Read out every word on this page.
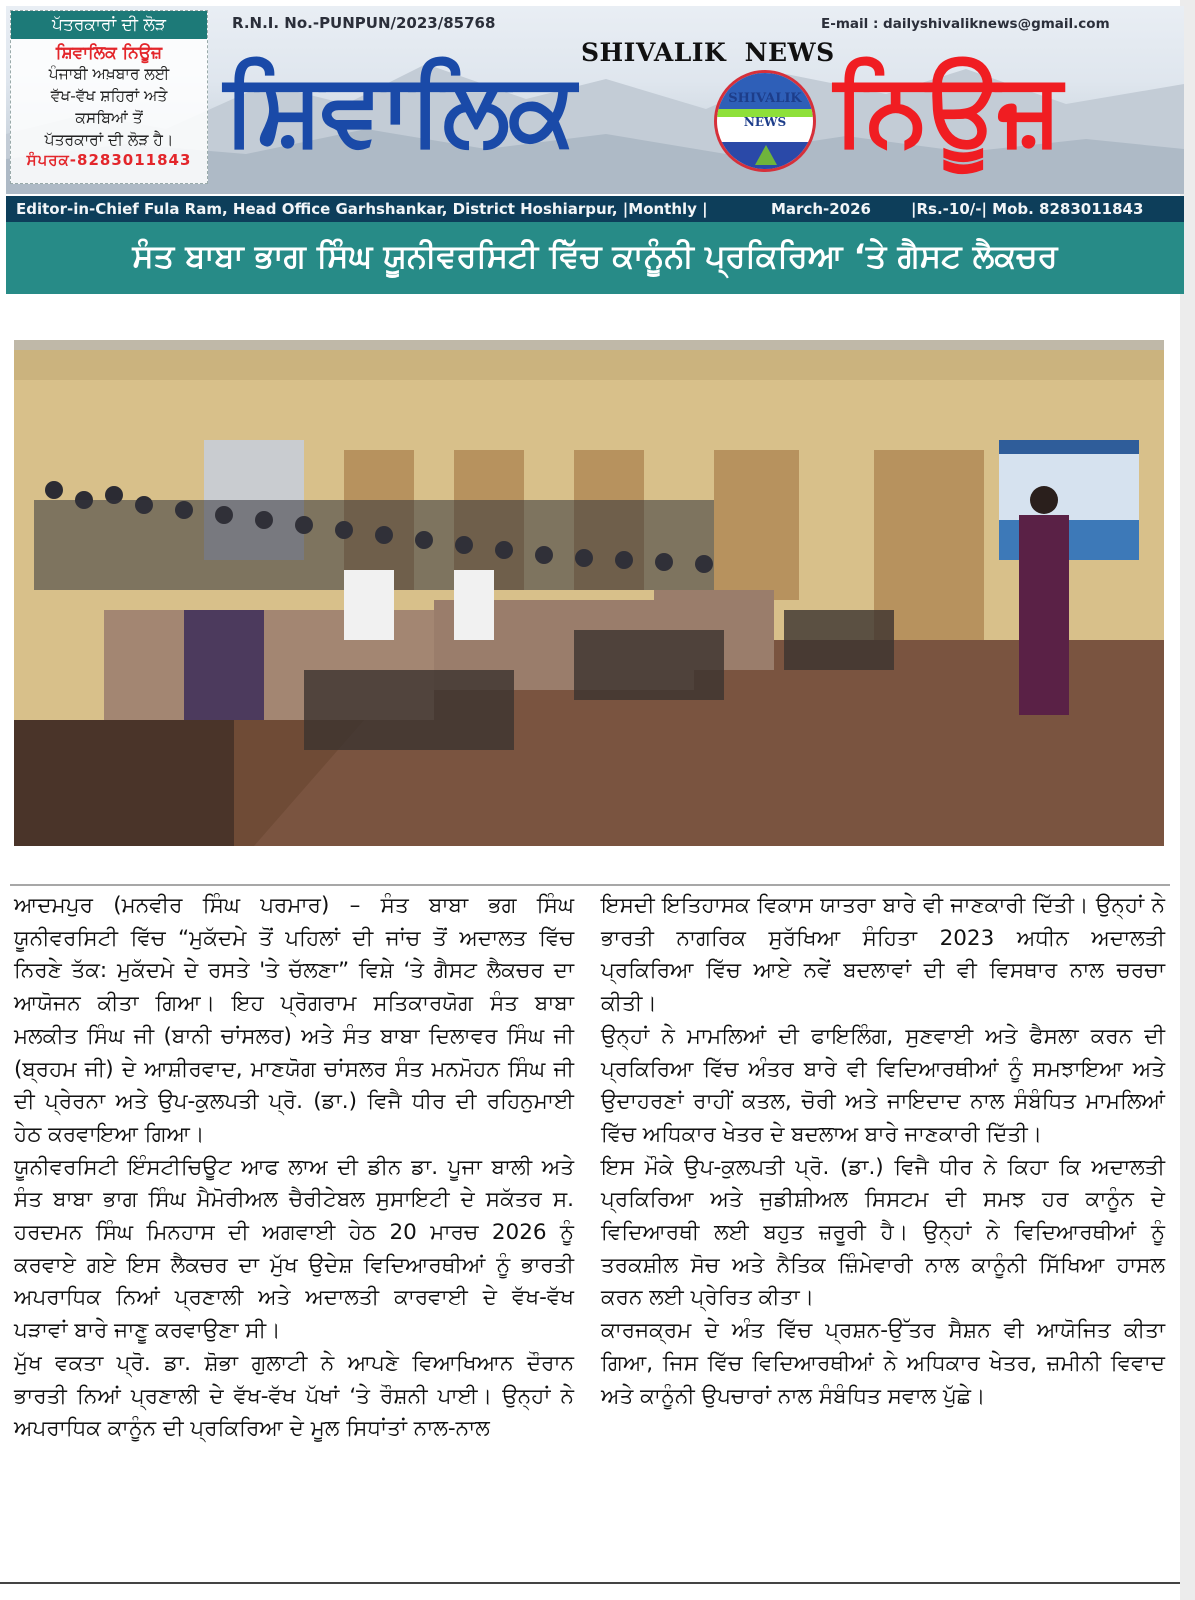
ਪੱਤਰਕਾਰਾਂ ਦੀ ਲੋੜ
ਸ਼ਿਵਾਲਿਕ ਨਿਊਜ਼
ਪੰਜਾਬੀ ਅਖ਼ਬਾਰ ਲਈ
ਵੱਖ-ਵੱਖ ਸ਼ਹਿਰਾਂ ਅਤੇ
ਕਸਬਿਆਂ ਤੋਂ
ਪੱਤਰਕਾਰਾਂ ਦੀ ਲੋੜ ਹੈ।
ਸੰਪਰਕ-8283011843
R.N.I. No.-PUNPUN/2023/85768	E-mail : dailyshivaliknews@gmail.com
SHIVALIK  NEWS
ਸ਼ਿਵਾਲਿਕ	SHIVALIK
NEWS ਨਿਊਜ਼
Editor-in-Chief Fula Ram, Head Office Garhshankar, District Hoshiarpur, |Monthly |	March-2026	|Rs.-10/-| Mob. 8283011843
ਸੰਤ ਬਾਬਾ ਭਾਗ ਸਿੰਘ ਯੂਨੀਵਰਸਿਟੀ ਵਿੱਚ ਕਾਨੂੰਨੀ ਪ੍ਰਕਿਰਿਆ ‘ਤੇ ਗੈਸਟ ਲੈਕਚਰ

ਆਦਮਪੁਰ (ਮਨਵੀਰ ਸਿੰਘ ਪਰਮਾਰ) – ਸੰਤ ਬਾਬਾ ਭਗ ਸਿੰਘ ਯੂਨੀਵਰਸਿਟੀ ਵਿੱਚ “ਮੁਕੱਦਮੇ ਤੋਂ ਪਹਿਲਾਂ ਦੀ ਜਾਂਚ ਤੋਂ ਅਦਾਲਤ ਵਿੱਚ ਨਿਰਣੇ ਤੱਕ: ਮੁਕੱਦਮੇ ਦੇ ਰਸਤੇ 'ਤੇ ਚੱਲਣਾ” ਵਿਸ਼ੇ ‘ਤੇ ਗੈਸਟ ਲੈਕਚਰ ਦਾ ਆਯੋਜਨ ਕੀਤਾ ਗਿਆ। ਇਹ ਪ੍ਰੋਗਰਾਮ ਸਤਿਕਾਰਯੋਗ ਸੰਤ ਬਾਬਾ ਮਲਕੀਤ ਸਿੰਘ ਜੀ (ਬਾਨੀ ਚਾਂਸਲਰ) ਅਤੇ ਸੰਤ ਬਾਬਾ ਦਿਲਾਵਰ ਸਿੰਘ ਜੀ (ਬ੍ਰਹਮ ਜੀ) ਦੇ ਆਸ਼ੀਰਵਾਦ, ਮਾਣਯੋਗ ਚਾਂਸਲਰ ਸੰਤ ਮਨਮੋਹਨ ਸਿੰਘ ਜੀ ਦੀ ਪ੍ਰੇਰਨਾ ਅਤੇ ਉਪ-ਕੁਲਪਤੀ ਪ੍ਰੋ. (ਡਾ.) ਵਿਜੈ ਧੀਰ ਦੀ ਰਹਿਨੁਮਾਈ ਹੇਠ ਕਰਵਾਇਆ ਗਿਆ।

ਯੂਨੀਵਰਸਿਟੀ ਇੰਸਟੀਚਿਊਟ ਆਫ ਲਾਅ ਦੀ ਡੀਨ ਡਾ. ਪੂਜਾ ਬਾਲੀ ਅਤੇ ਸੰਤ ਬਾਬਾ ਭਾਗ ਸਿੰਘ ਮੈਮੋਰੀਅਲ ਚੈਰੀਟੇਬਲ ਸੁਸਾਇਟੀ ਦੇ ਸਕੱਤਰ ਸ. ਹਰਦਮਨ ਸਿੰਘ ਮਿਨਹਾਸ ਦੀ ਅਗਵਾਈ ਹੇਠ 20 ਮਾਰਚ 2026 ਨੂੰ ਕਰਵਾਏ ਗਏ ਇਸ ਲੈਕਚਰ ਦਾ ਮੁੱਖ ਉਦੇਸ਼ ਵਿਦਿਆਰਥੀਆਂ ਨੂੰ ਭਾਰਤੀ ਅਪਰਾਧਿਕ ਨਿਆਂ ਪ੍ਰਣਾਲੀ ਅਤੇ ਅਦਾਲਤੀ ਕਾਰਵਾਈ ਦੇ ਵੱਖ-ਵੱਖ ਪੜਾਵਾਂ ਬਾਰੇ ਜਾਣੂ ਕਰਵਾਉਣਾ ਸੀ।

ਮੁੱਖ ਵਕਤਾ ਪ੍ਰੋ. ਡਾ. ਸ਼ੋਭਾ ਗੁਲਾਟੀ ਨੇ ਆਪਣੇ ਵਿਆਖਿਆਨ ਦੌਰਾਨ ਭਾਰਤੀ ਨਿਆਂ ਪ੍ਰਣਾਲੀ ਦੇ ਵੱਖ-ਵੱਖ ਪੱਖਾਂ ‘ਤੇ ਰੌਸ਼ਨੀ ਪਾਈ। ਉਨ੍ਹਾਂ ਨੇ ਅਪਰਾਧਿਕ ਕਾਨੂੰਨ ਦੀ ਪ੍ਰਕਿਰਿਆ ਦੇ ਮੂਲ ਸਿਧਾਂਤਾਂ ਨਾਲ-ਨਾਲ

ਇਸਦੀ ਇਤਿਹਾਸਕ ਵਿਕਾਸ ਯਾਤਰਾ ਬਾਰੇ ਵੀ ਜਾਣਕਾਰੀ ਦਿੱਤੀ। ਉਨ੍ਹਾਂ ਨੇ ਭਾਰਤੀ ਨਾਗਰਿਕ ਸੁਰੱਖਿਆ ਸੰਹਿਤਾ 2023 ਅਧੀਨ ਅਦਾਲਤੀ ਪ੍ਰਕਿਰਿਆ ਵਿੱਚ ਆਏ ਨਵੇਂ ਬਦਲਾਵਾਂ ਦੀ ਵੀ ਵਿਸਥਾਰ ਨਾਲ ਚਰਚਾ ਕੀਤੀ।

ਉਨ੍ਹਾਂ ਨੇ ਮਾਮਲਿਆਂ ਦੀ ਫਾਇਲਿੰਗ, ਸੁਣਵਾਈ ਅਤੇ ਫੈਸਲਾ ਕਰਨ ਦੀ ਪ੍ਰਕਿਰਿਆ ਵਿੱਚ ਅੰਤਰ ਬਾਰੇ ਵੀ ਵਿਦਿਆਰਥੀਆਂ ਨੂੰ ਸਮਝਾਇਆ ਅਤੇ ਉਦਾਹਰਣਾਂ ਰਾਹੀਂ ਕਤਲ, ਚੋਰੀ ਅਤੇ ਜਾਇਦਾਦ ਨਾਲ ਸੰਬੰਧਿਤ ਮਾਮਲਿਆਂ ਵਿੱਚ ਅਧਿਕਾਰ ਖੇਤਰ ਦੇ ਬਦਲਾਅ ਬਾਰੇ ਜਾਣਕਾਰੀ ਦਿੱਤੀ।

ਇਸ ਮੌਕੇ ਉਪ-ਕੁਲਪਤੀ ਪ੍ਰੋ. (ਡਾ.) ਵਿਜੈ ਧੀਰ ਨੇ ਕਿਹਾ ਕਿ ਅਦਾਲਤੀ ਪ੍ਰਕਿਰਿਆ ਅਤੇ ਜੁਡੀਸ਼ੀਅਲ ਸਿਸਟਮ ਦੀ ਸਮਝ ਹਰ ਕਾਨੂੰਨ ਦੇ ਵਿਦਿਆਰਥੀ ਲਈ ਬਹੁਤ ਜ਼ਰੂਰੀ ਹੈ। ਉਨ੍ਹਾਂ ਨੇ ਵਿਦਿਆਰਥੀਆਂ ਨੂੰ ਤਰਕਸ਼ੀਲ ਸੋਚ ਅਤੇ ਨੈਤਿਕ ਜ਼ਿੰਮੇਵਾਰੀ ਨਾਲ ਕਾਨੂੰਨੀ ਸਿੱਖਿਆ ਹਾਸਲ ਕਰਨ ਲਈ ਪ੍ਰੇਰਿਤ ਕੀਤਾ।

ਕਾਰਜਕ੍ਰਮ ਦੇ ਅੰਤ ਵਿੱਚ ਪ੍ਰਸ਼ਨ-ਉੱਤਰ ਸੈਸ਼ਨ ਵੀ ਆਯੋਜਿਤ ਕੀਤਾ ਗਿਆ, ਜਿਸ ਵਿੱਚ ਵਿਦਿਆਰਥੀਆਂ ਨੇ ਅਧਿਕਾਰ ਖੇਤਰ, ਜ਼ਮੀਨੀ ਵਿਵਾਦ ਅਤੇ ਕਾਨੂੰਨੀ ਉਪਚਾਰਾਂ ਨਾਲ ਸੰਬੰਧਿਤ ਸਵਾਲ ਪੁੱਛੇ।
